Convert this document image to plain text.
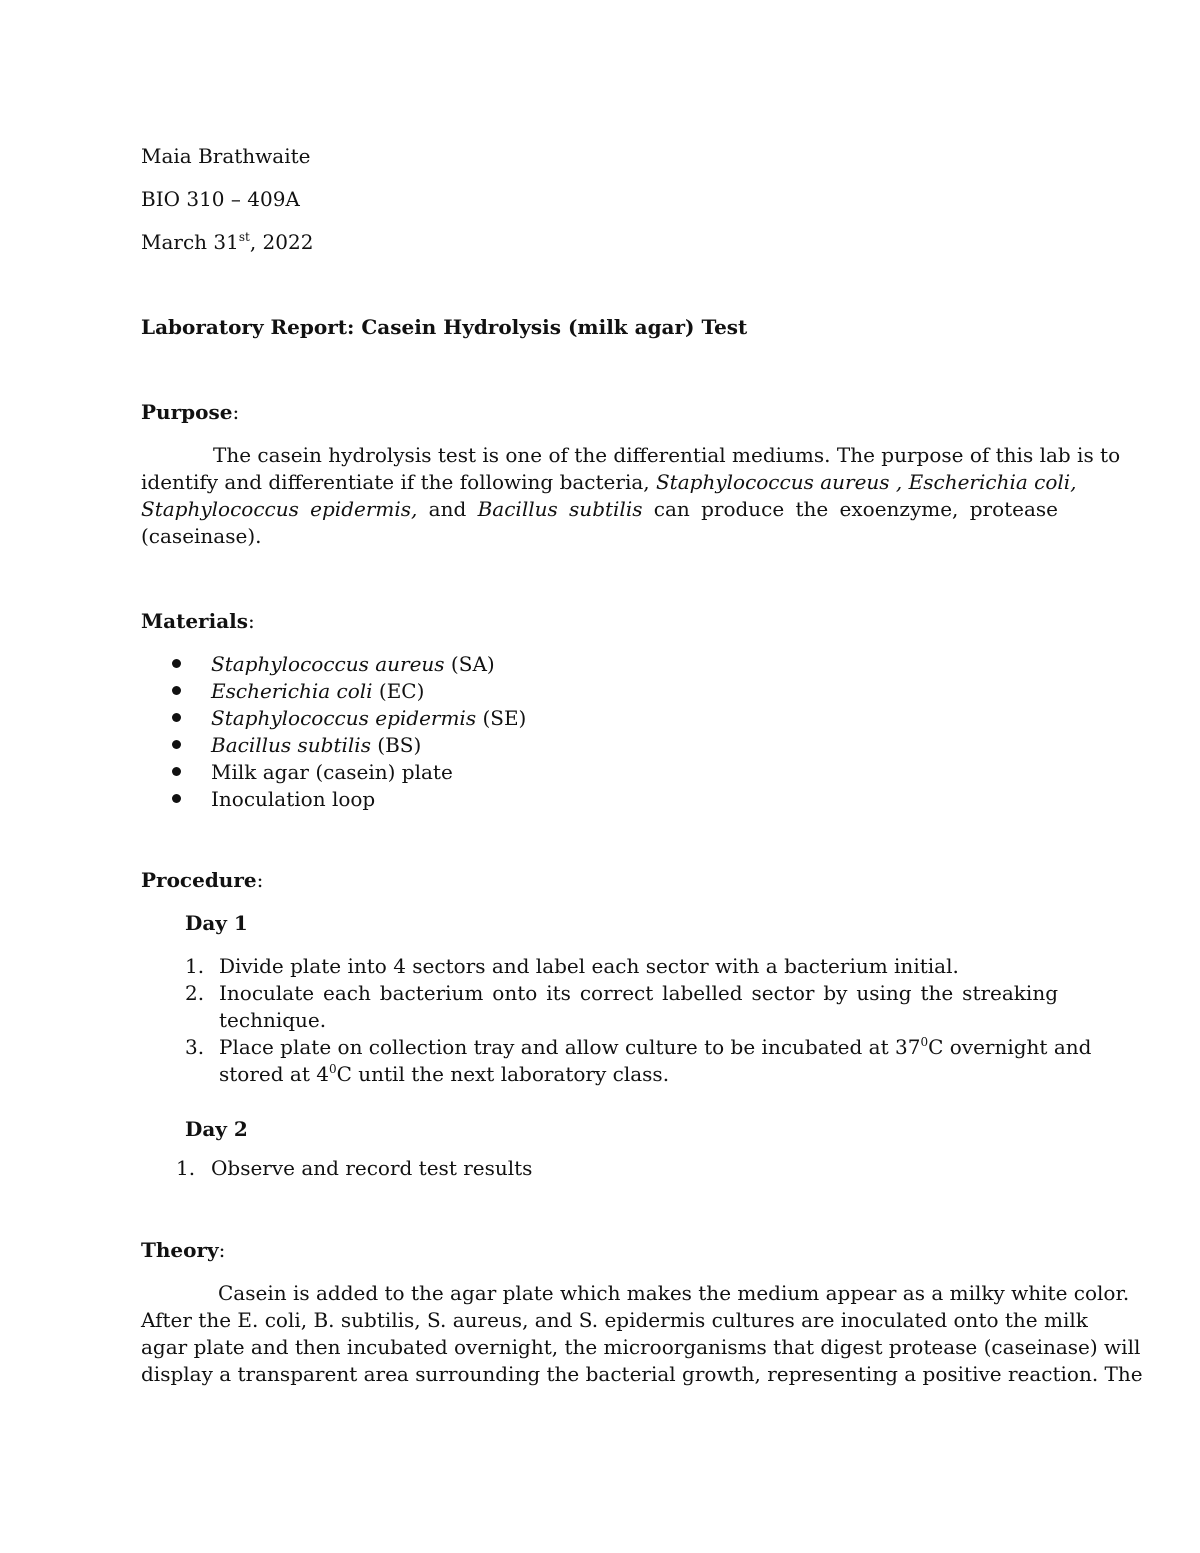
Maia Brathwaite
BIO 310 – 409A
March 31st, 2022
Laboratory Report: Casein Hydrolysis (milk agar) Test
Purpose:
The casein hydrolysis test is one of the differential mediums. The purpose of this lab is to
identify and differentiate if the following bacteria, Staphylococcus aureus , Escherichia coli,
Staphylococcus epidermis, and Bacillus subtilis can produce the exoenzyme, protease
(caseinase).
Materials:
Staphylococcus aureus (SA)
Escherichia coli (EC)
Staphylococcus epidermis (SE)
Bacillus subtilis (BS)
Milk agar (casein) plate
Inoculation loop
Procedure:
Day 1
1. Divide plate into 4 sectors and label each sector with a bacterium initial.
2. Inoculate each bacterium onto its correct labelled sector by using the streaking
technique.
3. Place plate on collection tray and allow culture to be incubated at $37^0C$ overnight and
stored at $4^0C$ until the next laboratory class.
Day 2
1. Observe and record test results
Theory:
Casein is added to the agar plate which makes the medium appear as a milky white color.
After the E. coli, B. subtilis, S. aureus, and S. epidermis cultures are inoculated onto the milk
agar plate and then incubated overnight, the microorganisms that digest protease (caseinase) will
display a transparent area surrounding the bacterial growth, representing a positive reaction. The
